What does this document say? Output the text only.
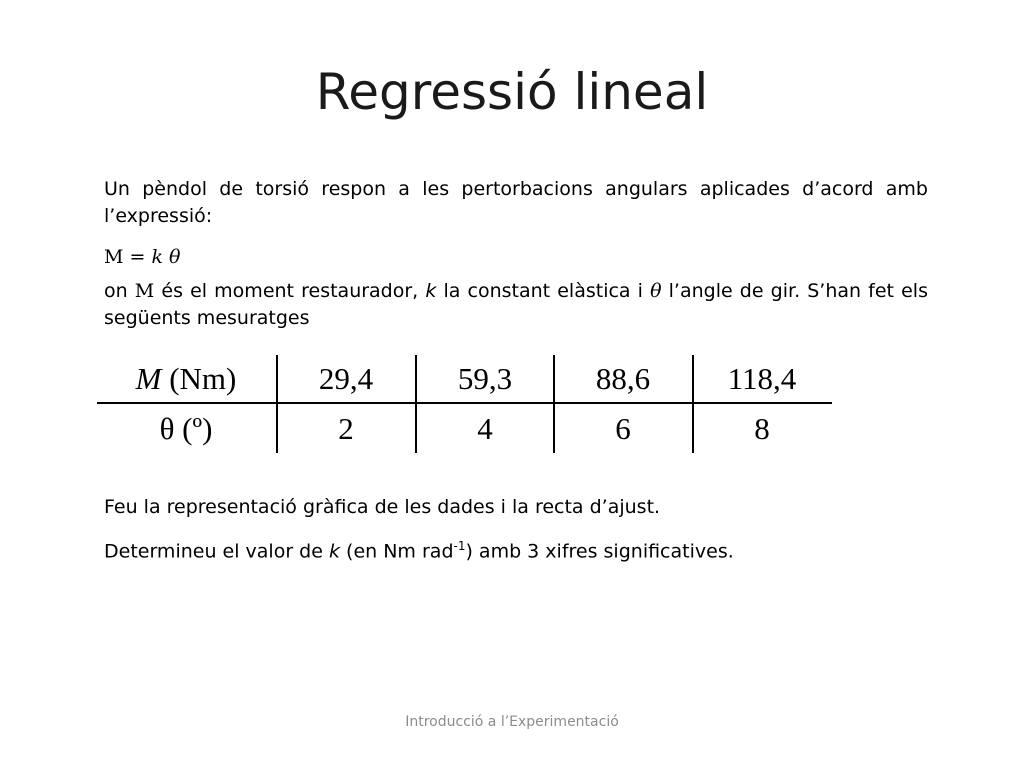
Regressió lineal
Un pèndol de torsió respon a les pertorbacions angulars aplicades d’acord amb l’expressió:
M = k θ
on M és el moment restaurador, k la constant elàstica i θ l’angle de gir. S’han fet els següents mesuratges
M (Nm)	29,4	59,3	88,6	118,4
θ (º)	2	4	6	8
Feu la representació gràfica de les dades i la recta d’ajust.
Determineu el valor de k (en Nm rad$^{-1}$) amb 3 xifres significatives.
Introducció a l’Experimentació
